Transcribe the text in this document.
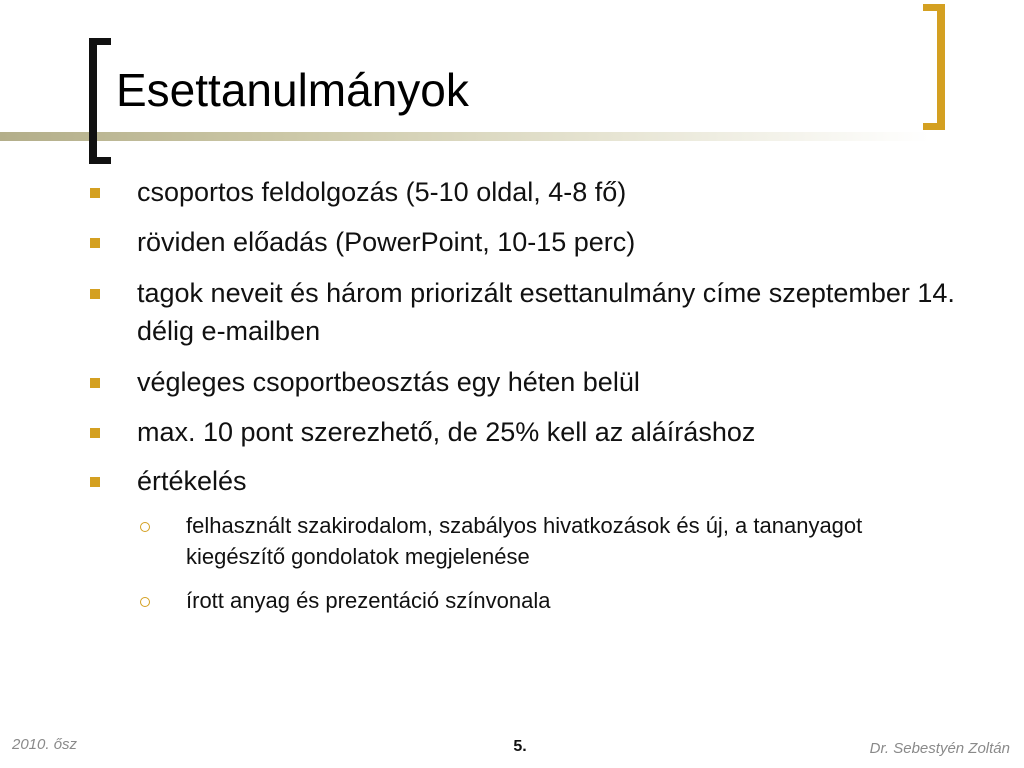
Esettanulmányok
csoportos feldolgozás (5-10 oldal, 4-8 fő)
röviden előadás (PowerPoint, 10-15 perc)
tagok neveit és három priorizált esettanulmány címe szeptember 14. délig e-mailben
végleges csoportbeosztás egy héten belül
max. 10 pont szerezhető, de 25% kell az aláíráshoz
értékelés
felhasznált szakirodalom, szabályos hivatkozások és új, a tananyagot kiegészítő gondolatok megjelenése
írott anyag és prezentáció színvonala
2010. ősz	5.	Dr. Sebestyén Zoltán
